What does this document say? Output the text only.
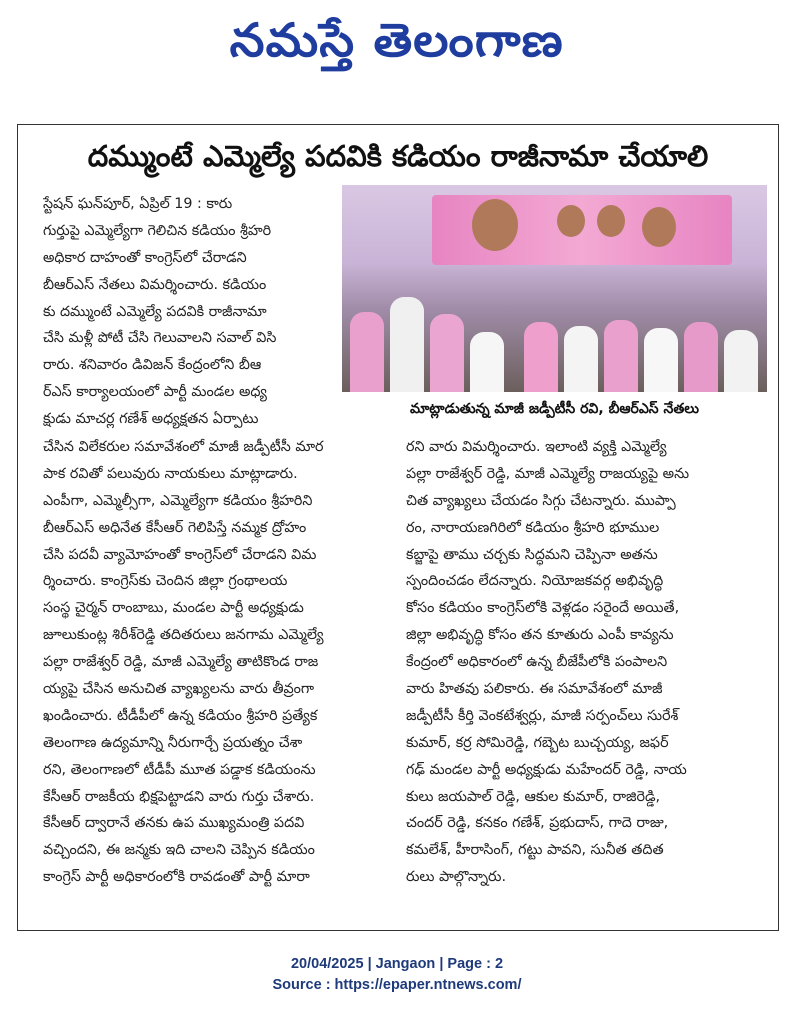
నమస్తే తెలంగాణ
దమ్ముంటే ఎమ్మెల్యే పదవికి కడియం రాజీనామా చేయాలి
స్టేషన్ ఘన్‌పూర్, ఏప్రిల్ 19 : కారు
గుర్తుపై ఎమ్మెల్యేగా గెలిచిన కడియం శ్రీహరి
అధికార దాహంతో కాంగ్రెస్‌లో చేరాడని
బీఆర్ఎస్ నేతలు విమర్శించారు. కడియం
కు దమ్ముంటే ఎమ్మెల్యే పదవికి రాజీనామా
చేసి మళ్లీ పోటీ చేసి గెలువాలని సవాల్ విసి
రారు. శనివారం డివిజన్ కేంద్రంలోని బీఆ
ర్ఎస్ కార్యాలయంలో పార్టీ మండల అధ్య
క్షుడు మాచర్ల గణేశ్ అధ్యక్షతన ఏర్పాటు
మాట్లాడుతున్న మాజీ జడ్పీటీసీ రవి, బీఆర్ఎస్ నేతలు
చేసిన విలేకరుల సమావేశంలో మాజీ జడ్పీటీసీ మార
పాక రవితో పలువురు నాయకులు మాట్లాడారు.
ఎంపీగా, ఎమ్మెల్సీగా, ఎమ్మెల్యేగా కడియం శ్రీహరిని
బీఆర్ఎస్ అధినేత కేసీఆర్ గెలిపిస్తే నమ్మక ద్రోహం
చేసి పదవీ వ్యామోహంతో కాంగ్రెస్‌లో చేరాడని విమ
ర్శించారు. కాంగ్రెస్‌కు చెందిన జిల్లా గ్రంథాలయ
సంస్థ చైర్మన్ రాంబాబు, మండల పార్టీ అధ్యక్షుడు
జూలుకుంట్ల శిరీశ్‌రెడ్డి తదితరులు జనగామ ఎమ్మెల్యే
పల్లా రాజేశ్వర్ రెడ్డి, మాజీ ఎమ్మెల్యే తాటికొండ రాజ
య్యపై చేసిన అనుచిత వ్యాఖ్యలను వారు తీవ్రంగా
ఖండించారు. టీడీపీలో ఉన్న కడియం శ్రీహరి ప్రత్యేక
తెలంగాణ ఉద్యమాన్ని నీరుగార్చే ప్రయత్నం చేశా
రని, తెలంగాణలో టీడీపీ మూత పడ్డాక కడియంను
కేసీఆర్ రాజకీయ భిక్షపెట్టాడని వారు గుర్తు చేశారు.
కేసీఆర్ ద్వారానే తనకు ఉప ముఖ్యమంత్రి పదవి
వచ్చిందని, ఈ జన్మకు ఇది చాలని చెప్పిన కడియం
కాంగ్రెస్ పార్టీ అధికారంలోకి రావడంతో పార్టీ మారా
రని వారు విమర్శించారు. ఇలాంటి వ్యక్తి ఎమ్మెల్యే
పల్లా రాజేశ్వర్ రెడ్డి, మాజీ ఎమ్మెల్యే రాజయ్యపై అను
చిత వ్యాఖ్యలు చేయడం సిగ్గు చేటన్నారు. ముప్పా
రం, నారాయణగిరిలో కడియం శ్రీహరి భూముల
కబ్జాపై తాము చర్చకు సిద్ధమని చెప్పినా అతను
స్పందించడం లేదన్నారు. నియోజకవర్గ అభివృద్ధి
కోసం కడియం కాంగ్రెస్‌లోకి వెళ్లడం సరైందే అయితే,
జిల్లా అభివృద్ధి కోసం తన కూతురు ఎంపీ కావ్యను
కేంద్రంలో అధికారంలో ఉన్న బీజేపీలోకి పంపాలని
వారు హితవు పలికారు. ఈ సమావేశంలో మాజీ
జడ్పీటీసీ కీర్తి వెంకటేశ్వర్లు, మాజీ సర్పంచ్‌లు సురేశ్
కుమార్, కర్ర సోమిరెడ్డి, గబ్బెట బుచ్చయ్య, జఫర్
గఢ్ మండల పార్టీ అధ్యక్షుడు మహేందర్ రెడ్డి, నాయ
కులు జయపాల్ రెడ్డి, ఆకుల కుమార్, రాజిరెడ్డి,
చందర్ రెడ్డి, కనకం గణేశ్, ప్రభుదాస్, గాదె రాజు,
కమలేశ్, హీరాసింగ్, గట్టు పావని, సునీత తదిత
రులు పాల్గొన్నారు.
20/04/2025 | Jangaon | Page : 2
Source : https://epaper.ntnews.com/
